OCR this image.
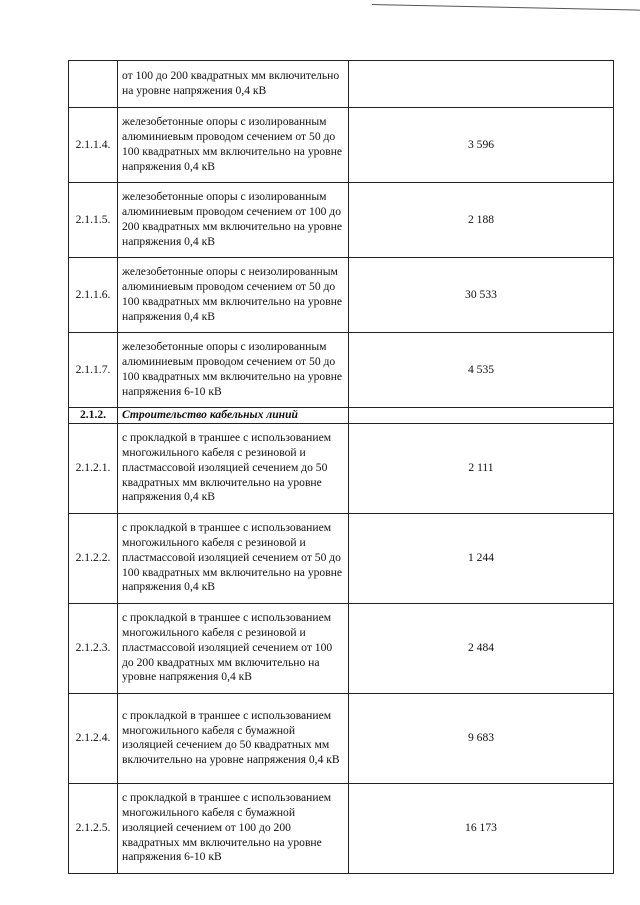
	от 100 до 200 квадратных мм включительно на уровне напряжения 0,4 кВ	
2.1.1.4.	железобетонные опоры с изолированным алюминиевым проводом сечением от 50 до 100 квадратных мм включительно на уровне напряжения 0,4 кВ	3 596
2.1.1.5.	железобетонные опоры с изолированным алюминиевым проводом сечением от 100 до 200 квадратных мм включительно на уровне напряжения 0,4 кВ	2 188
2.1.1.6.	железобетонные опоры с неизолированным алюминиевым проводом сечением от 50 до 100 квадратных мм включительно на уровне напряжения 0,4 кВ	30 533
2.1.1.7.	железобетонные опоры с изолированным алюминиевым проводом сечением от 50 до 100 квадратных мм включительно на уровне напряжения 6-10 кВ	4 535
2.1.2.	Строительство кабельных линий	
2.1.2.1.	с прокладкой в траншее с использованием многожильного кабеля с резиновой и пластмассовой изоляцией сечением до 50 квадратных мм включительно на уровне напряжения 0,4 кВ	2 111
2.1.2.2.	с прокладкой в траншее с использованием многожильного кабеля с резиновой и пластмассовой изоляцией сечением от 50 до 100 квадратных мм включительно на уровне напряжения 0,4 кВ	1 244
2.1.2.3.	с прокладкой в траншее с использованием многожильного кабеля с резиновой и пластмассовой изоляцией сечением от 100 до 200 квадратных мм включительно на уровне напряжения 0,4 кВ	2 484
2.1.2.4.	с прокладкой в траншее с использованием многожильного кабеля с бумажной изоляцией сечением до 50 квадратных мм включительно на уровне напряжения 0,4 кВ	9 683
2.1.2.5.	с прокладкой в траншее с использованием многожильного кабеля с бумажной изоляцией сечением от 100 до 200 квадратных мм включительно на уровне напряжения 6-10 кВ	16 173
